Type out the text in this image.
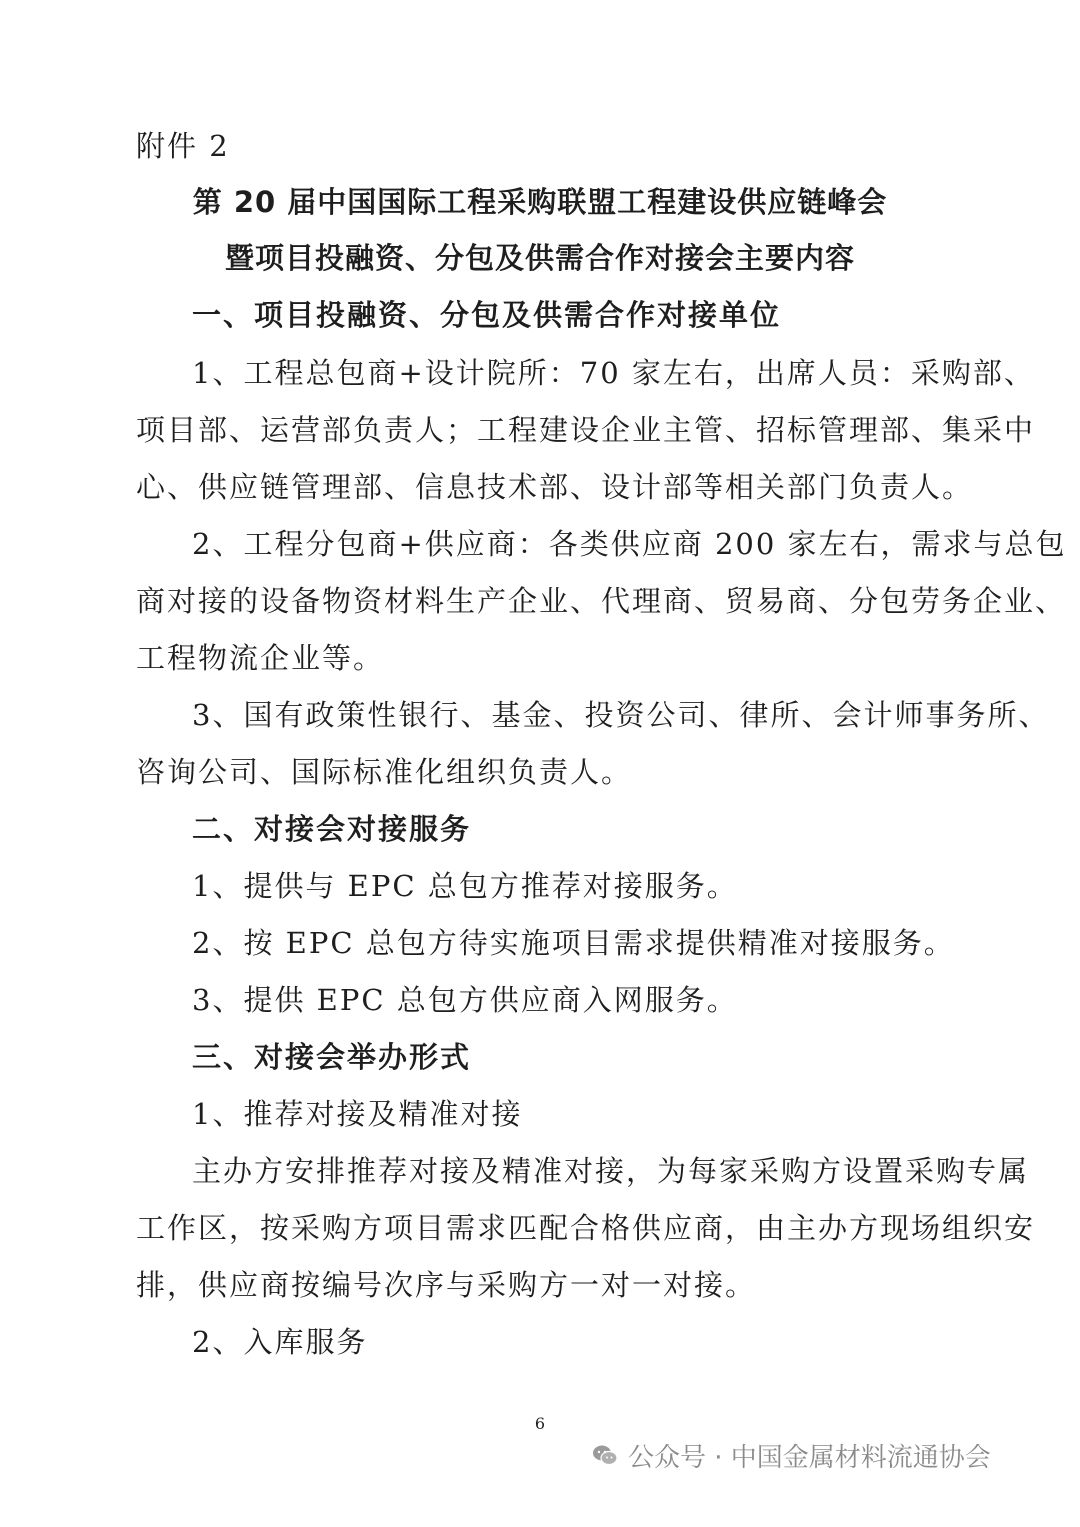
附件 2
第 20 届中国国际工程采购联盟工程建设供应链峰会
暨项目投融资、分包及供需合作对接会主要内容
一、项目投融资、分包及供需合作对接单位
1、工程总包商+设计院所：70 家左右，出席人员：采购部、
项目部、运营部负责人；工程建设企业主管、招标管理部、集采中
心、供应链管理部、信息技术部、设计部等相关部门负责人。
2、工程分包商+供应商：各类供应商 200 家左右，需求与总包
商对接的设备物资材料生产企业、代理商、贸易商、分包劳务企业、
工程物流企业等。
3、国有政策性银行、基金、投资公司、律所、会计师事务所、
咨询公司、国际标准化组织负责人。
二、对接会对接服务
1、提供与 EPC 总包方推荐对接服务。
2、按 EPC 总包方待实施项目需求提供精准对接服务。
3、提供 EPC 总包方供应商入网服务。
三、对接会举办形式
1、推荐对接及精准对接
主办方安排推荐对接及精准对接，为每家采购方设置采购专属
工作区，按采购方项目需求匹配合格供应商，由主办方现场组织安
排，供应商按编号次序与采购方一对一对接。
2、入库服务
6
公众号 · 中国金属材料流通协会
